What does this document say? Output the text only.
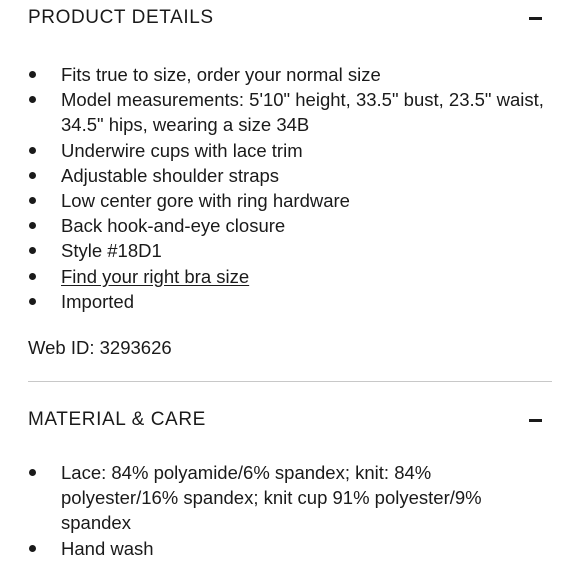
PRODUCT DETAILS
Fits true to size, order your normal size
Model measurements: 5'10" height, 33.5" bust, 23.5" waist, 34.5" hips, wearing a size 34B
Underwire cups with lace trim
Adjustable shoulder straps
Low center gore with ring hardware
Back hook-and-eye closure
Style #18D1
Find your right bra size
Imported
Web ID: 3293626
MATERIAL & CARE
Lace: 84% polyamide/6% spandex; knit: 84% polyester/16% spandex; knit cup 91% polyester/9% spandex
Hand wash
